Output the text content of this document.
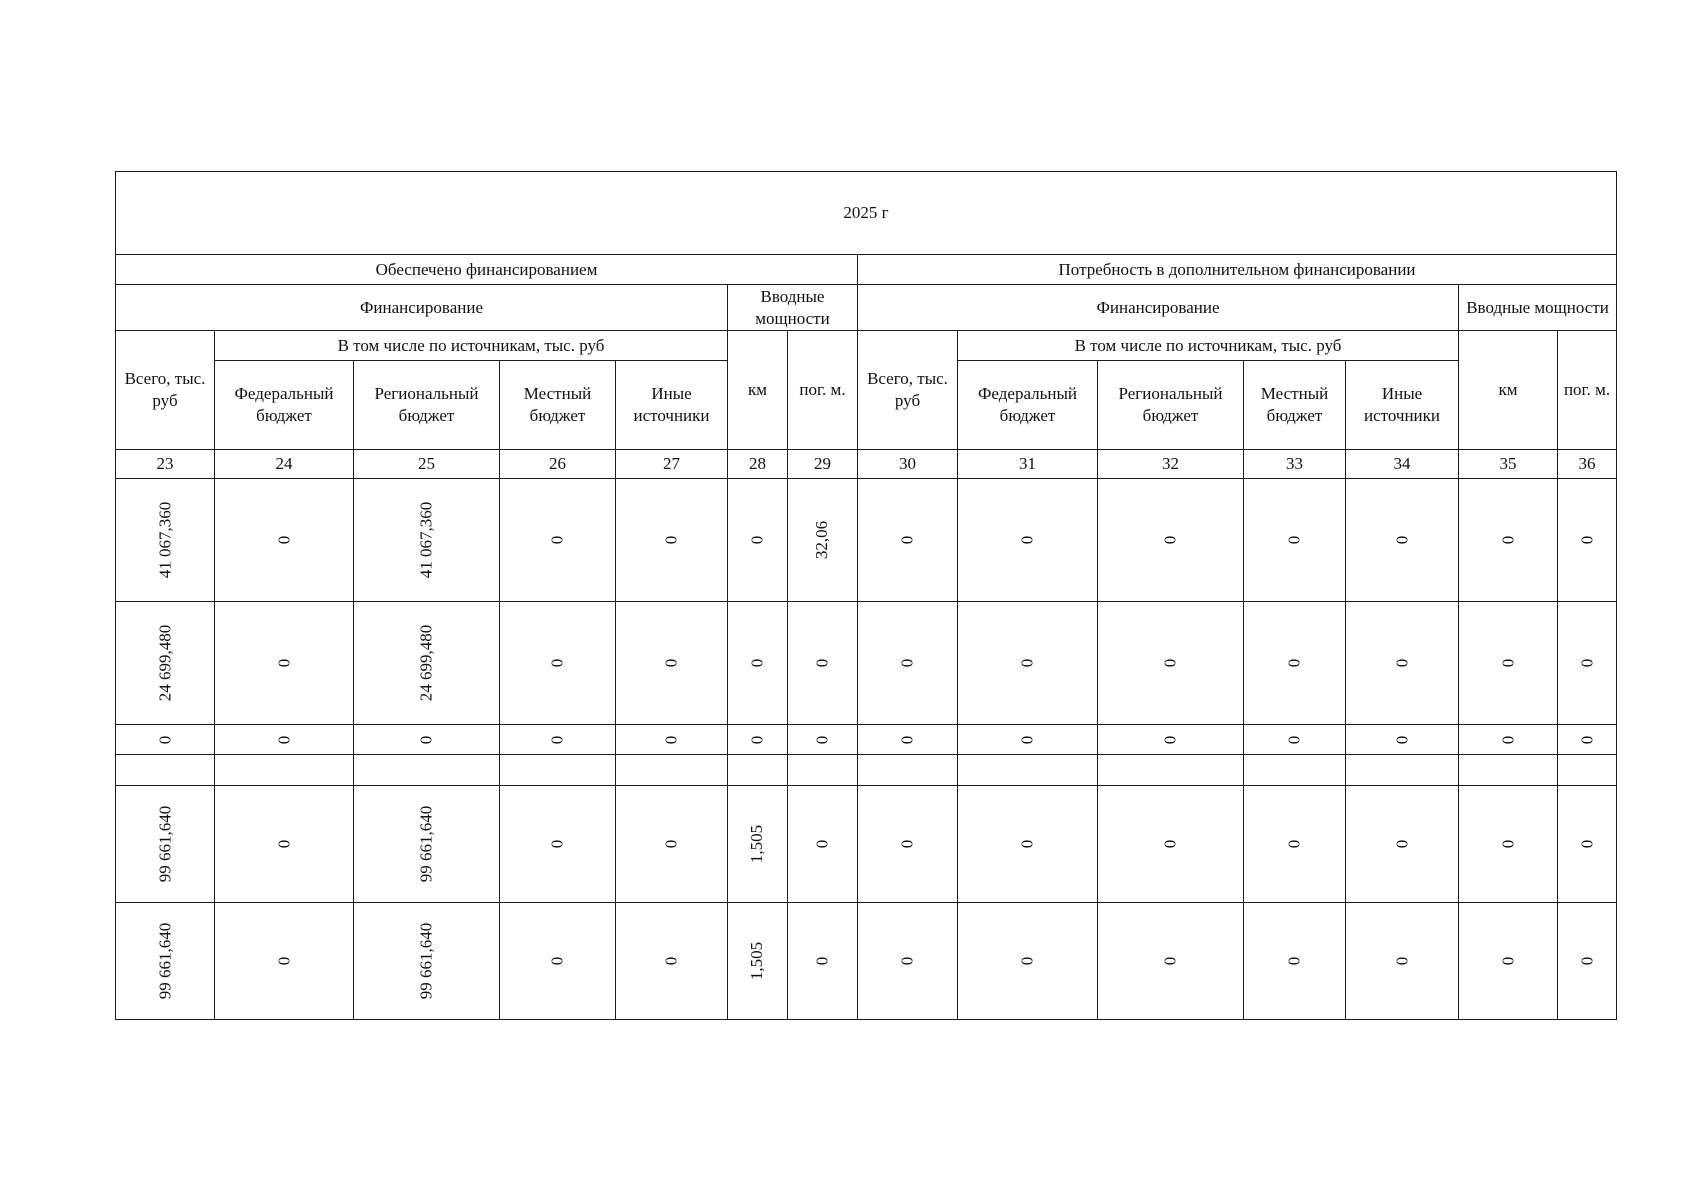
2025 г													
Обеспечено финансированием							Потребность в дополнительном финансировании						
Финансирование					Вводные мощности		Финансирование					Вводные мощности	
Всего, тыс. руб	В том числе по источникам, тыс. руб				км	пог. м.	Всего, тыс. руб	В том числе по источникам, тыс. руб				км	пог. м.
	Федеральный бюджет	Региональный бюджет	Местный бюджет	Иные источники				Федеральный бюджет	Региональный бюджет	Местный бюджет	Иные источники		
23	24	25	26	27	28	29	30	31	32	33	34	35	36
41 067,360	0	41 067,360	0	0	0	32,06	0	0	0	0	0	0	0
24 699,480	0	24 699,480	0	0	0	0	0	0	0	0	0	0	0
0	0	0	0	0	0	0	0	0	0	0	0	0	0

99 661,640	0	99 661,640	0	0	1,505	0	0	0	0	0	0	0	0
99 661,640	0	99 661,640	0	0	1,505	0	0	0	0	0	0	0	0
